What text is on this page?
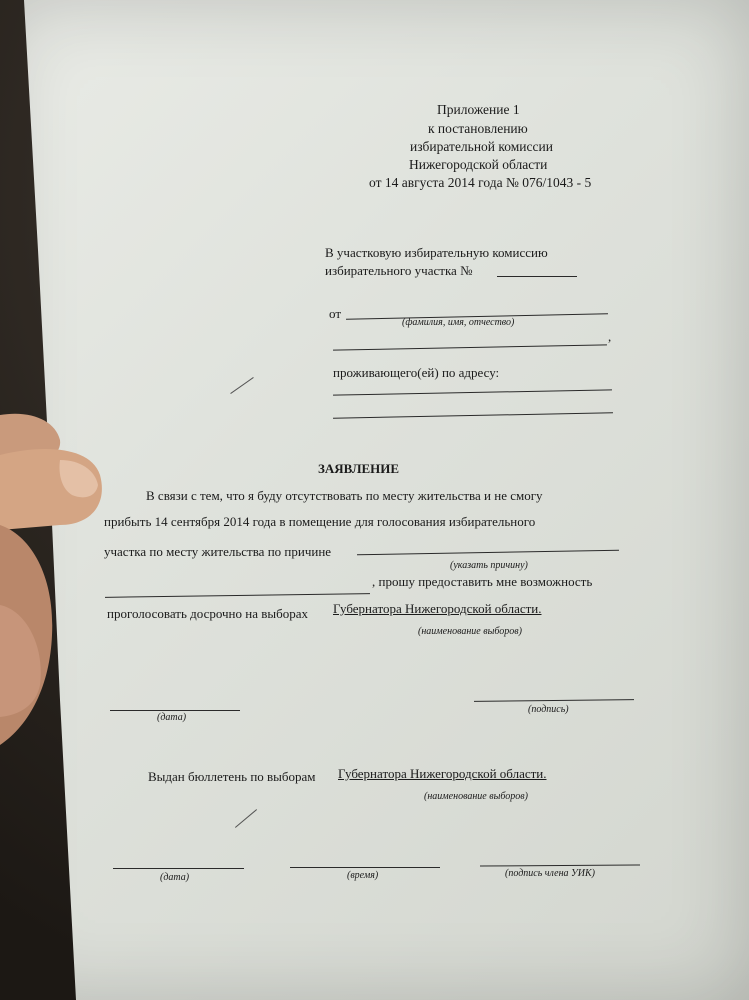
Приложение 1
к постановлению
избирательной комиссии
Нижегородской области
от 14 августа 2014 года № 076/1043 - 5
В участковую избирательную комиссию
избирательного участка №
от
(фамилия, имя, отчество)
,
проживающего(ей) по адресу:
ЗАЯВЛЕНИЕ
В связи с тем, что я буду отсутствовать по месту жительства и не смогу
прибыть 14 сентября 2014 года в помещение для голосования избирательного
участка по месту жительства по причине
(указать причину)
, прошу предоставить мне возможность
проголосовать досрочно на выборах Губернатора Нижегородской области.
(наименование выборов)
(дата)
(подпись)
Выдан бюллетень по выборам Губернатора Нижегородской области.
(наименование выборов)
(дата)	(время)	(подпись члена УИК)
